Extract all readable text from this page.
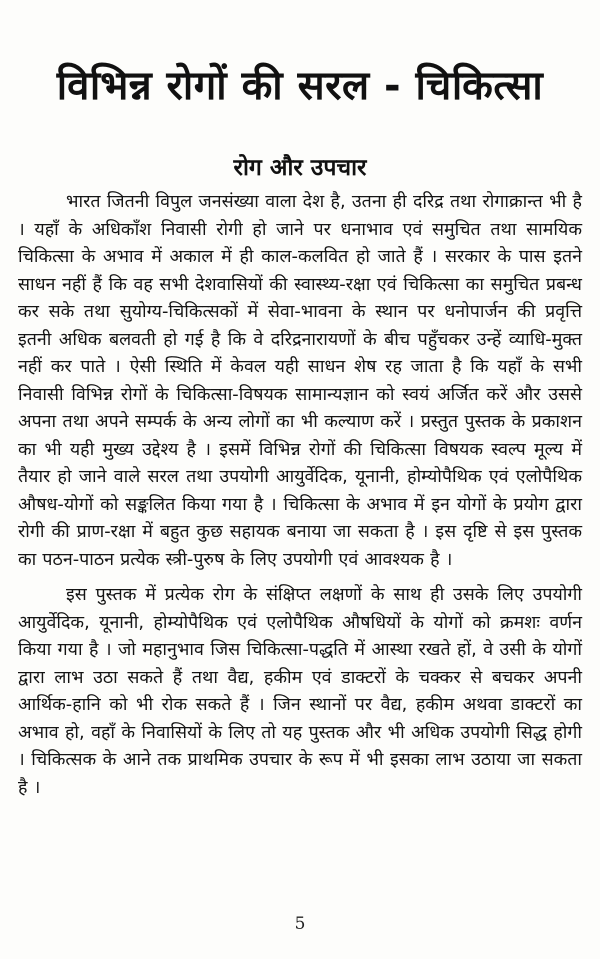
विभिन्न रोगों की सरल - चिकित्सा
रोग और उपचार

भारत जितनी विपुल जनसंख्या वाला देश है, उतना ही दरिद्र तथा रोगाक्रान्त भी है । यहाँ के अधिकाँश निवासी रोगी हो जाने पर धनाभाव एवं समुचित तथा सामयिक चिकित्सा के अभाव में अकाल में ही काल-कलवित हो जाते हैं । सरकार के पास इतने साधन नहीं हैं कि वह सभी देशवासियों की स्वास्थ्य-रक्षा एवं चिकित्सा का समुचित प्रबन्ध कर सके तथा सुयोग्य-चिकित्सकों में सेवा-भावना के स्थान पर धनोपार्जन की प्रवृत्ति इतनी अधिक बलवती हो गई है कि वे दरिद्रनारायणों के बीच पहुँचकर उन्हें व्याधि-मुक्त नहीं कर पाते । ऐसी स्थिति में केवल यही साधन शेष रह जाता है कि यहाँ के सभी निवासी विभिन्न रोगों के चिकित्सा-विषयक सामान्यज्ञान को स्वयं अर्जित करें और उससे अपना तथा अपने सम्पर्क के अन्य लोगों का भी कल्याण करें । प्रस्तुत पुस्तक के प्रकाशन का भी यही मुख्य उद्देश्य है । इसमें विभिन्न रोगों की चिकित्सा विषयक स्वल्प मूल्य में तैयार हो जाने वाले सरल तथा उपयोगी आयुर्वेदिक, यूनानी, होम्योपैथिक एवं एलोपैथिक औषध-योगों को सङ्कलित किया गया है । चिकित्सा के अभाव में इन योगों के प्रयोग द्वारा रोगी की प्राण-रक्षा में बहुत कुछ सहायक बनाया जा सकता है । इस दृष्टि से इस पुस्तक का पठन-पाठन प्रत्येक स्त्री-पुरुष के लिए उपयोगी एवं आवश्यक है ।

इस पुस्तक में प्रत्येक रोग के संक्षिप्त लक्षणों के साथ ही उसके लिए उपयोगी आयुर्वेदिक, यूनानी, होम्योपैथिक एवं एलोपैथिक औषधियों के योगों को क्रमशः वर्णन किया गया है । जो महानुभाव जिस चिकित्सा-पद्धति में आस्था रखते हों, वे उसी के योगों द्वारा लाभ उठा सकते हैं तथा वैद्य, हकीम एवं डाक्टरों के चक्कर से बचकर अपनी आर्थिक-हानि को भी रोक सकते हैं । जिन स्थानों पर वैद्य, हकीम अथवा डाक्टरों का अभाव हो, वहाँ के निवासियों के लिए तो यह पुस्तक और भी अधिक उपयोगी सिद्ध होगी । चिकित्सक के आने तक प्राथमिक उपचार के रूप में भी इसका लाभ उठाया जा सकता है ।

5
